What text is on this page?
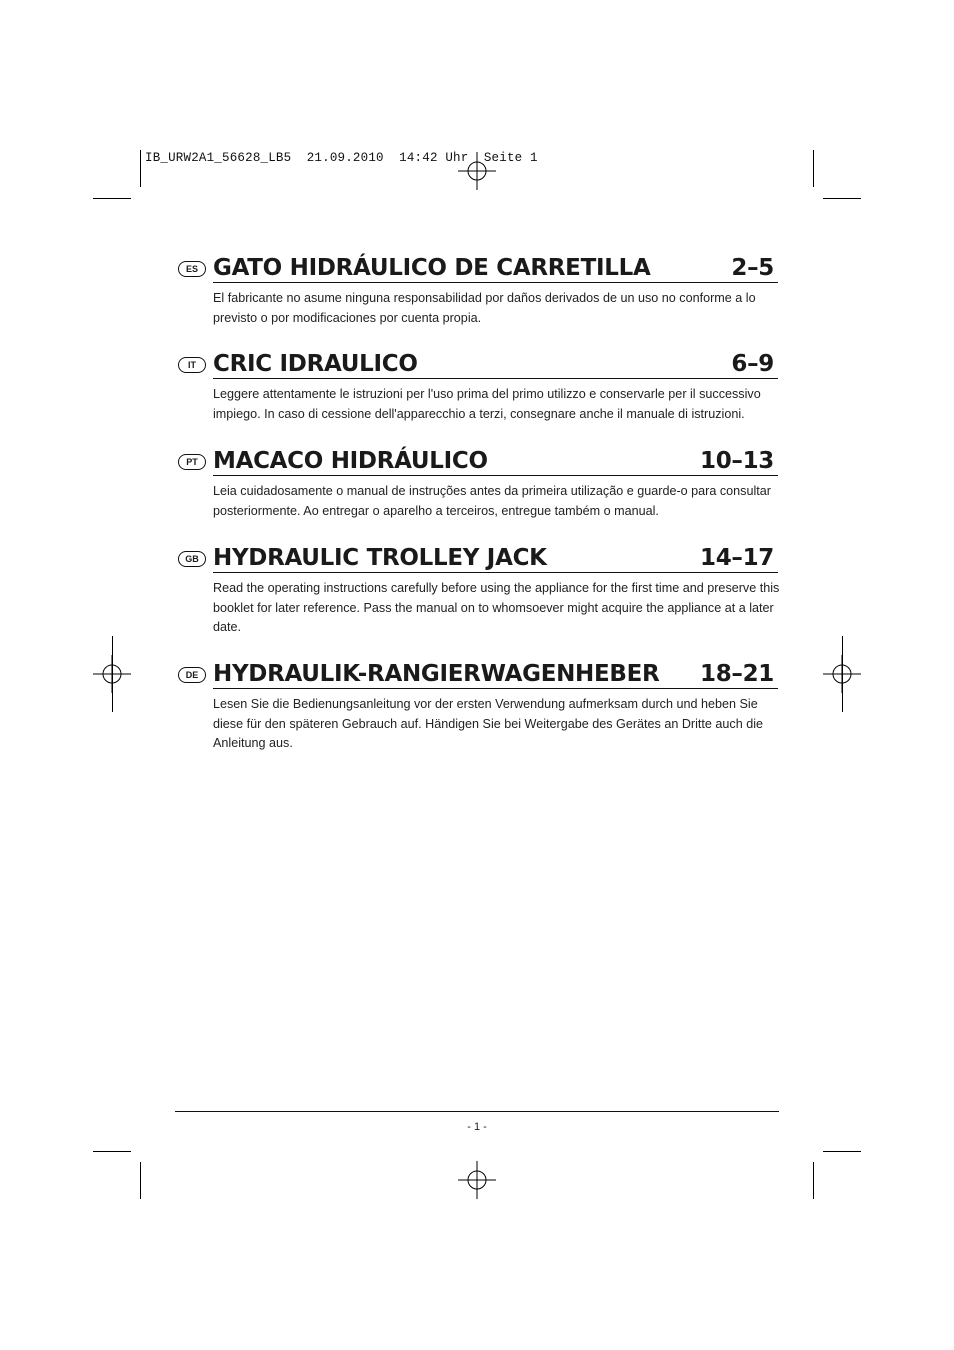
IB_URW2A1_56628_LB5  21.09.2010  14:42 Uhr  Seite 1
ES GATO HIDRÁULICO DE CARRETILLA	2–5

El fabricante no asume ninguna responsabilidad por daños derivados de un uso no conforme a lo previsto o por modificaciones por cuenta propia.

IT CRIC IDRAULICO	6–9

Leggere attentamente le istruzioni per l'uso prima del primo utilizzo e conservarle per il successivo impiego. In caso di cessione dell'apparecchio a terzi, consegnare anche il manuale di istruzioni.

PT MACACO HIDRÁULICO	10–13

Leia cuidadosamente o manual de instruções antes da primeira utilização e guarde-o para consultar posteriormente. Ao entregar o aparelho a terceiros, entregue também o manual.

GB HYDRAULIC TROLLEY JACK	14–17

Read the operating instructions carefully before using the appliance for the first time and preserve this booklet for later reference. Pass the manual on to whomsoever might acquire the appliance at a later date.

DE HYDRAULIK-RANGIERWAGENHEBER 18–21

Lesen Sie die Bedienungsanleitung vor der ersten Verwendung aufmerksam durch und heben Sie diese für den späteren Gebrauch auf. Händigen Sie bei Weitergabe des Gerätes an Dritte auch die Anleitung aus.

- 1 -
